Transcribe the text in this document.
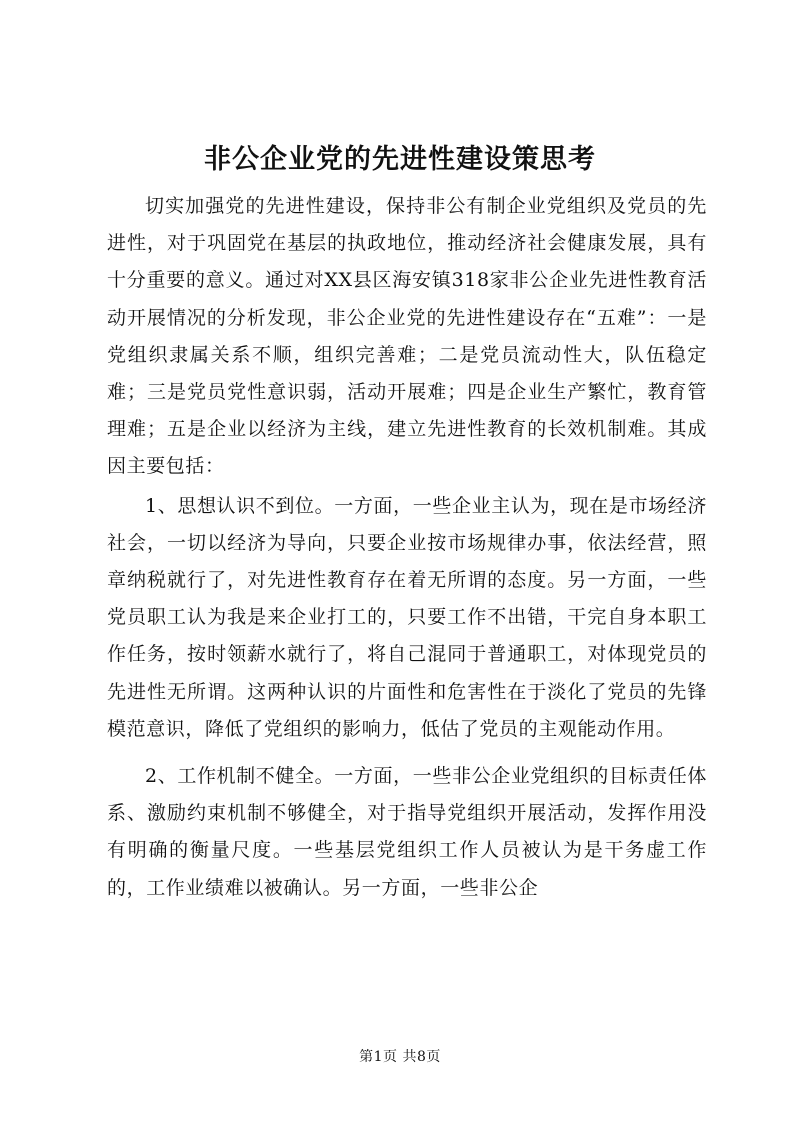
非公企业党的先进性建设策思考

切实加强党的先进性建设，保持非公有制企业党组织及党员的先进性，对于巩固党在基层的执政地位，推动经济社会健康发展，具有十分重要的意义。通过对XX县区海安镇318家非公企业先进性教育活动开展情况的分析发现，非公企业党的先进性建设存在“五难”：一是党组织隶属关系不顺，组织完善难；二是党员流动性大，队伍稳定难；三是党员党性意识弱，活动开展难；四是企业生产繁忙，教育管理难；五是企业以经济为主线，建立先进性教育的长效机制难。其成因主要包括：

1、思想认识不到位。一方面，一些企业主认为，现在是市场经济社会，一切以经济为导向，只要企业按市场规律办事，依法经营，照章纳税就行了，对先进性教育存在着无所谓的态度。另一方面，一些党员职工认为我是来企业打工的，只要工作不出错，干完自身本职工作任务，按时领薪水就行了，将自己混同于普通职工，对体现党员的先进性无所谓。这两种认识的片面性和危害性在于淡化了党员的先锋模范意识，降低了党组织的影响力，低估了党员的主观能动作用。

2、工作机制不健全。一方面，一些非公企业党组织的目标责任体系、激励约束机制不够健全，对于指导党组织开展活动，发挥作用没有明确的衡量尺度。一些基层党组织工作人员被认为是干务虚工作的，工作业绩难以被确认。另一方面，一些非公企

第1页 共8页
